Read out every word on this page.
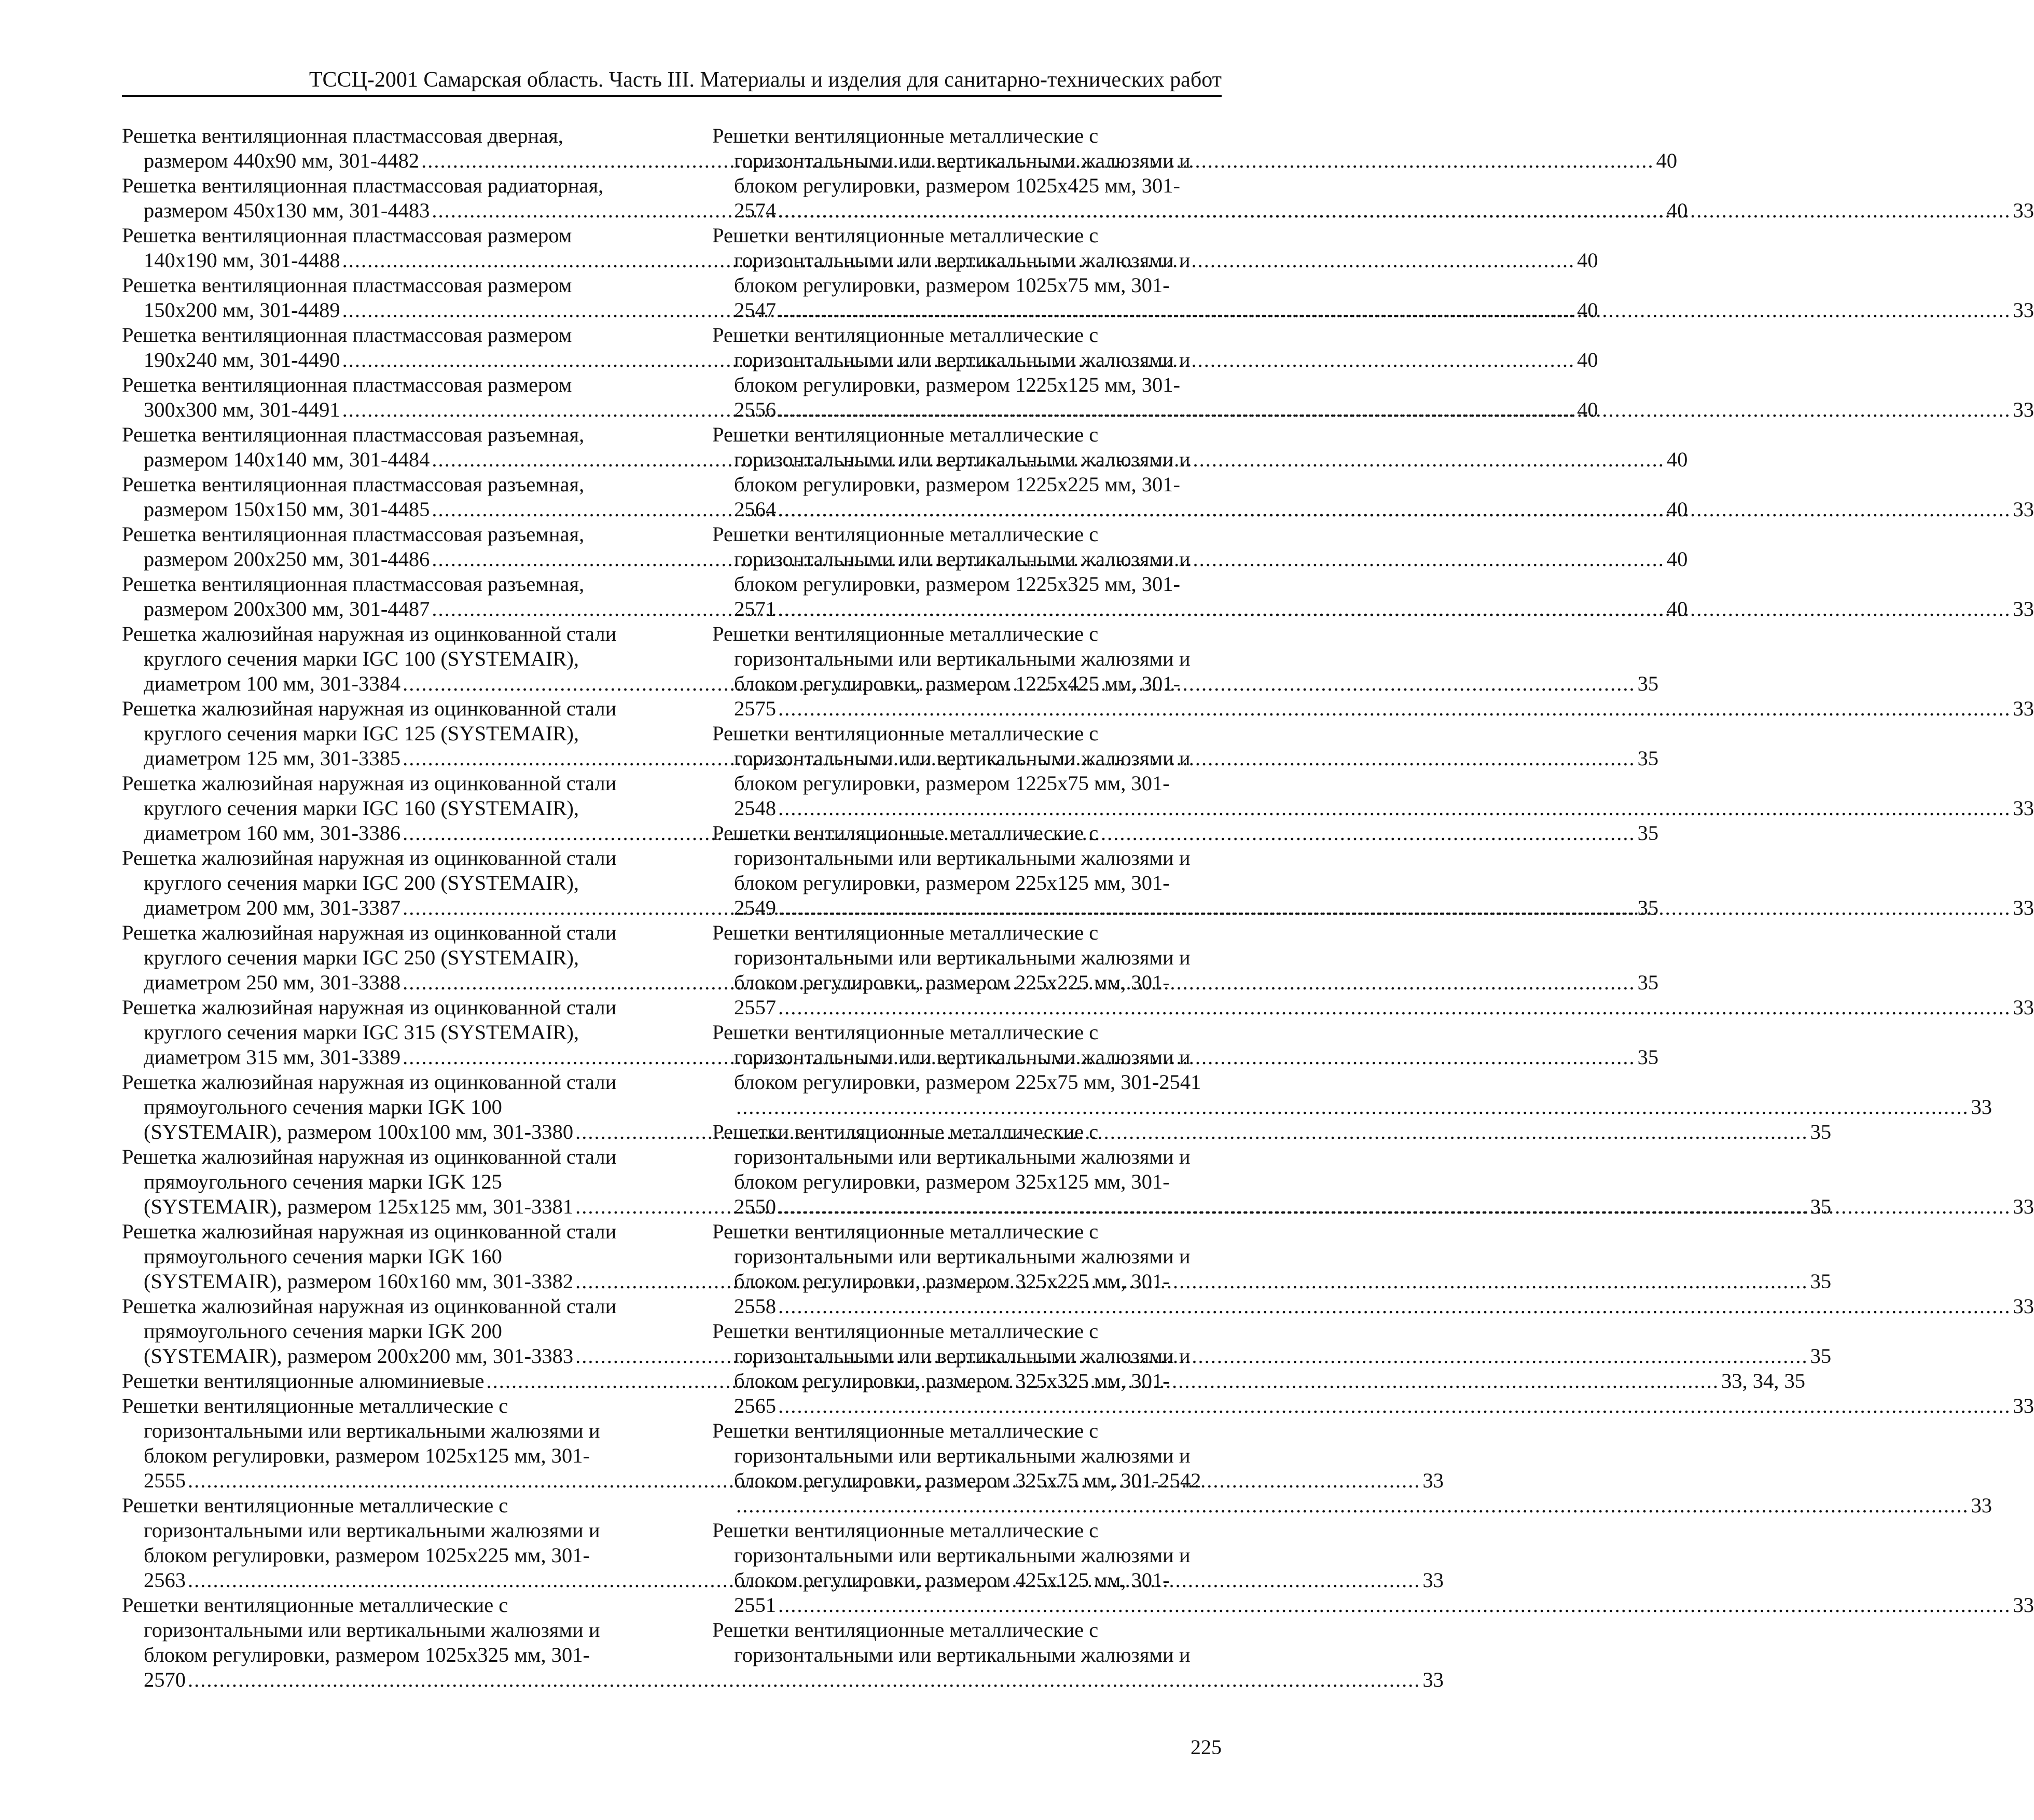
ТССЦ-2001 Самарская область. Часть III. Материалы и изделия для санитарно-технических работ
Решетка вентиляционная пластмассовая дверная,
размером 440х90 мм, 301-4482 .....	40
Решетка вентиляционная пластмассовая радиаторная,
размером 450х130 мм, 301-4483 .....	40
Решетка вентиляционная пластмассовая размером
140х190 мм, 301-4488 .....	40
Решетка вентиляционная пластмассовая размером
150х200 мм, 301-4489 .....	40
Решетка вентиляционная пластмассовая размером
190х240 мм, 301-4490 .....	40
Решетка вентиляционная пластмассовая размером
300х300 мм, 301-4491 .....	40
Решетка вентиляционная пластмассовая разъемная,
размером 140х140 мм, 301-4484 .....	40
Решетка вентиляционная пластмассовая разъемная,
размером 150х150 мм, 301-4485 .....	40
Решетка вентиляционная пластмассовая разъемная,
размером 200х250 мм, 301-4486 .....	40
Решетка вентиляционная пластмассовая разъемная,
размером 200х300 мм, 301-4487 .....	40
Решетка жалюзийная наружная из оцинкованной стали
круглого сечения марки IGC 100 (SYSTEMAIR),
диаметром 100 мм, 301-3384 .....	35
Решетка жалюзийная наружная из оцинкованной стали
круглого сечения марки IGC 125 (SYSTEMAIR),
диаметром 125 мм, 301-3385 .....	35
Решетка жалюзийная наружная из оцинкованной стали
круглого сечения марки IGC 160 (SYSTEMAIR),
диаметром 160 мм, 301-3386 .....	35
Решетка жалюзийная наружная из оцинкованной стали
круглого сечения марки IGC 200 (SYSTEMAIR),
диаметром 200 мм, 301-3387 .....	35
Решетка жалюзийная наружная из оцинкованной стали
круглого сечения марки IGC 250 (SYSTEMAIR),
диаметром 250 мм, 301-3388 .....	35
Решетка жалюзийная наружная из оцинкованной стали
круглого сечения марки IGC 315 (SYSTEMAIR),
диаметром 315 мм, 301-3389 .....	35
Решетка жалюзийная наружная из оцинкованной стали
прямоугольного сечения марки IGK 100
(SYSTEMAIR), размером 100х100 мм, 301-3380 .....	35
Решетка жалюзийная наружная из оцинкованной стали
прямоугольного сечения марки IGK 125
(SYSTEMAIR), размером 125х125 мм, 301-3381 .....	35
Решетка жалюзийная наружная из оцинкованной стали
прямоугольного сечения марки IGK 160
(SYSTEMAIR), размером 160х160 мм, 301-3382 .....	35
Решетка жалюзийная наружная из оцинкованной стали
прямоугольного сечения марки IGK 200
(SYSTEMAIR), размером 200х200 мм, 301-3383 .....	35
Решетки вентиляционные алюминиевые .....	33, 34, 35
Решетки вентиляционные металлические с
горизонтальными или вертикальными жалюзями и
блоком регулировки, размером 1025х125 мм, 301-
2555 .....	33
Решетки вентиляционные металлические с
горизонтальными или вертикальными жалюзями и
блоком регулировки, размером 1025х225 мм, 301-
2563 .....	33
Решетки вентиляционные металлические с
горизонтальными или вертикальными жалюзями и
блоком регулировки, размером 1025х325 мм, 301-
2570 .....	33
Решетки вентиляционные металлические с
горизонтальными или вертикальными жалюзями и
блоком регулировки, размером 1025х425 мм, 301-
2574 .....	33
Решетки вентиляционные металлические с
горизонтальными или вертикальными жалюзями и
блоком регулировки, размером 1025х75 мм, 301-
2547 .....	33
Решетки вентиляционные металлические с
горизонтальными или вертикальными жалюзями и
блоком регулировки, размером 1225х125 мм, 301-
2556 .....	33
Решетки вентиляционные металлические с
горизонтальными или вертикальными жалюзями и
блоком регулировки, размером 1225х225 мм, 301-
2564 .....	33
Решетки вентиляционные металлические с
горизонтальными или вертикальными жалюзями и
блоком регулировки, размером 1225х325 мм, 301-
2571 .....	33
Решетки вентиляционные металлические с
горизонтальными или вертикальными жалюзями и
блоком регулировки, размером 1225х425 мм, 301-
2575 .....	33
Решетки вентиляционные металлические с
горизонтальными или вертикальными жалюзями и
блоком регулировки, размером 1225х75 мм, 301-
2548 .....	33
Решетки вентиляционные металлические с
горизонтальными или вертикальными жалюзями и
блоком регулировки, размером 225х125 мм, 301-
2549 .....	33
Решетки вентиляционные металлические с
горизонтальными или вертикальными жалюзями и
блоком регулировки, размером 225х225 мм, 301-
2557 .....	33
Решетки вентиляционные металлические с
горизонтальными или вертикальными жалюзями и
блоком регулировки, размером 225х75 мм, 301-2541
.....33
Решетки вентиляционные металлические с
горизонтальными или вертикальными жалюзями и
блоком регулировки, размером 325х125 мм, 301-
2550 .....	33
Решетки вентиляционные металлические с
горизонтальными или вертикальными жалюзями и
блоком регулировки, размером 325х225 мм, 301-
2558 .....	33
Решетки вентиляционные металлические с
горизонтальными или вертикальными жалюзями и
блоком регулировки, размером 325х325 мм, 301-
2565 .....	33
Решетки вентиляционные металлические с
горизонтальными или вертикальными жалюзями и
блоком регулировки, размером 325х75 мм, 301-2542
.....33
Решетки вентиляционные металлические с
горизонтальными или вертикальными жалюзями и
блоком регулировки, размером 425х125 мм, 301-
2551 .....	33
Решетки вентиляционные металлические с
горизонтальными или вертикальными жалюзями и
225
